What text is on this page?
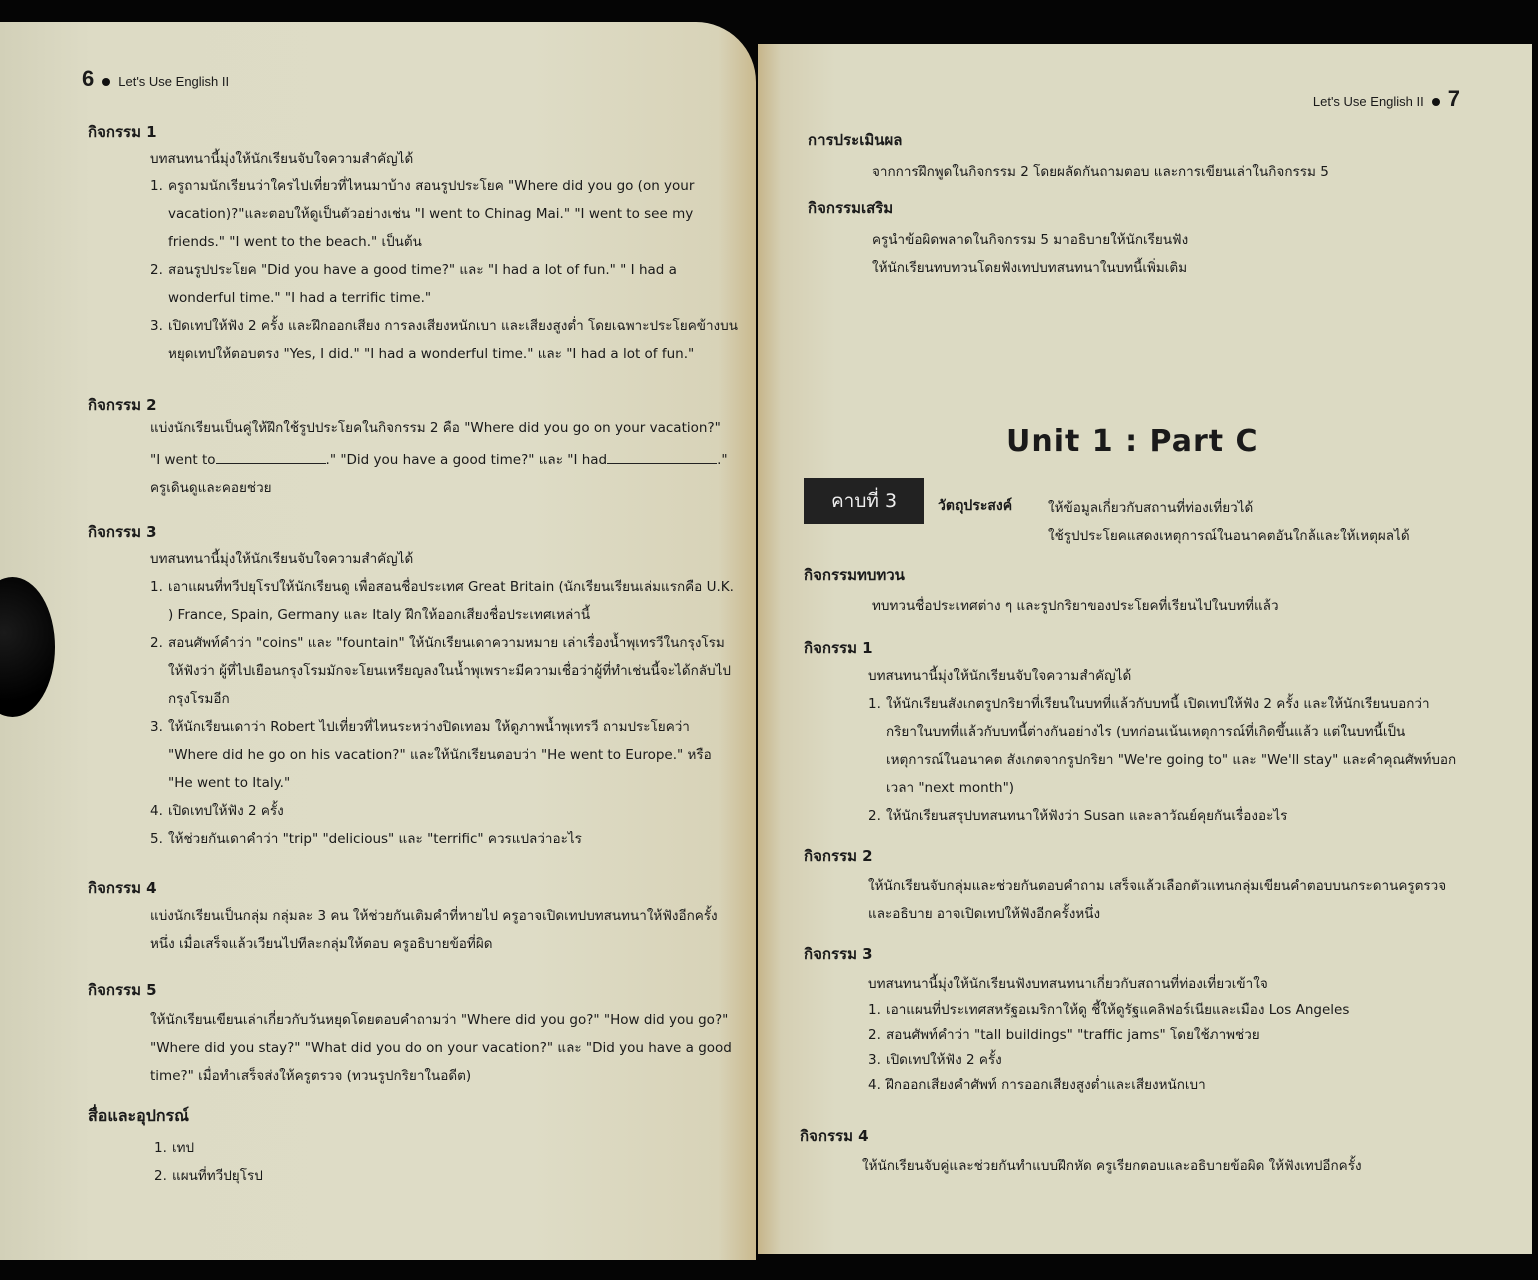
6 Let's Use English II
กิจกรรม 1
บทสนทนานี้มุ่งให้นักเรียนจับใจความสำคัญได้
1. ครูถามนักเรียนว่าใครไปเที่ยวที่ไหนมาบ้าง สอนรูปประโยค "Where did you go (on your vacation)?"และตอบให้ดูเป็นตัวอย่างเช่น "I went to Chinag Mai." "I went to see my friends." "I went to the beach." เป็นต้น
2. สอนรูปประโยค "Did you have a good time?" และ "I had a lot of fun." " I had a wonderful time." "I had a terrific time."
3. เปิดเทปให้ฟัง 2 ครั้ง และฝึกออกเสียง การลงเสียงหนักเบา และเสียงสูงต่ำ โดยเฉพาะประโยคข้างบน หยุดเทปให้ตอบตรง "Yes, I did." "I had a wonderful time." และ "I had a lot of fun."
กิจกรรม 2
แบ่งนักเรียนเป็นคู่ให้ฝึกใช้รูปประโยคในกิจกรรม 2 คือ "Where did you go on your vacation?"
"I went to	." "Did you have a good time?" และ "I had	."
ครูเดินดูและคอยช่วย
กิจกรรม 3
บทสนทนานี้มุ่งให้นักเรียนจับใจความสำคัญได้
1. เอาแผนที่ทวีปยุโรปให้นักเรียนดู เพื่อสอนชื่อประเทศ Great Britain (นักเรียนเรียนเล่มแรกคือ U.K. ) France, Spain, Germany และ Italy ฝึกให้ออกเสียงชื่อประเทศเหล่านี้
2. สอนศัพท์คำว่า "coins" และ "fountain" ให้นักเรียนเดาความหมาย เล่าเรื่องน้ำพุเทรวีในกรุงโรม ให้ฟังว่า ผู้ที่ไปเยือนกรุงโรมมักจะโยนเหรียญลงในน้ำพุเพราะมีความเชื่อว่าผู้ที่ทำเช่นนี้จะได้กลับไปกรุงโรมอีก
3. ให้นักเรียนเดาว่า Robert ไปเที่ยวที่ไหนระหว่างปิดเทอม ให้ดูภาพน้ำพุเทรวี ถามประโยคว่า "Where did he go on his vacation?" และให้นักเรียนตอบว่า "He went to Europe." หรือ "He went to Italy."
4. เปิดเทปให้ฟัง 2 ครั้ง
5. ให้ช่วยกันเดาคำว่า "trip" "delicious" และ "terrific" ควรแปลว่าอะไร
กิจกรรม 4
แบ่งนักเรียนเป็นกลุ่ม กลุ่มละ 3 คน ให้ช่วยกันเติมคำที่หายไป ครูอาจเปิดเทปบทสนทนาให้ฟังอีกครั้งหนึ่ง เมื่อเสร็จแล้วเวียนไปทีละกลุ่มให้ตอบ ครูอธิบายข้อที่ผิด
กิจกรรม 5
ให้นักเรียนเขียนเล่าเกี่ยวกับวันหยุดโดยตอบคำถามว่า "Where did you go?" "How did you go?" "Where did you stay?" "What did you do on your vacation?" และ "Did you have a good time?" เมื่อทำเสร็จส่งให้ครูตรวจ (ทวนรูปกริยาในอดีต)
สื่อและอุปกรณ์
1. เทป
2. แผนที่ทวีปยุโรป
Let's Use English II 7
การประเมินผล
จากการฝึกพูดในกิจกรรม 2 โดยผลัดกันถามตอบ และการเขียนเล่าในกิจกรรม 5
กิจกรรมเสริม
ครูนำข้อผิดพลาดในกิจกรรม 5 มาอธิบายให้นักเรียนฟัง
ให้นักเรียนทบทวนโดยฟังเทปบทสนทนาในบทนี้เพิ่มเติม
Unit 1 : Part C
คาบที่ 3	วัตถุประสงค์	ให้ข้อมูลเกี่ยวกับสถานที่ท่องเที่ยวได้
ใช้รูปประโยคแสดงเหตุการณ์ในอนาคตอันใกล้และให้เหตุผลได้
กิจกรรมทบทวน
ทบทวนชื่อประเทศต่าง ๆ และรูปกริยาของประโยคที่เรียนไปในบทที่แล้ว
กิจกรรม 1
บทสนทนานี้มุ่งให้นักเรียนจับใจความสำคัญได้
1. ให้นักเรียนสังเกตรูปกริยาที่เรียนในบทที่แล้วกับบทนี้ เปิดเทปให้ฟัง 2 ครั้ง และให้นักเรียนบอกว่ากริยาในบทที่แล้วกับบทนี้ต่างกันอย่างไร (บทก่อนเน้นเหตุการณ์ที่เกิดขึ้นแล้ว แต่ในบทนี้เป็นเหตุการณ์ในอนาคต สังเกตจากรูปกริยา "We're going to" และ "We'll stay" และคำคุณศัพท์บอกเวลา "next month")
2. ให้นักเรียนสรุปบทสนทนาให้ฟังว่า Susan และลาวัณย์คุยกันเรื่องอะไร
กิจกรรม 2
ให้นักเรียนจับกลุ่มและช่วยกันตอบคำถาม เสร็จแล้วเลือกตัวแทนกลุ่มเขียนคำตอบบนกระดานครูตรวจและอธิบาย อาจเปิดเทปให้ฟังอีกครั้งหนึ่ง
กิจกรรม 3
บทสนทนานี้มุ่งให้นักเรียนฟังบทสนทนาเกี่ยวกับสถานที่ท่องเที่ยวเข้าใจ
1. เอาแผนที่ประเทศสหรัฐอเมริกาให้ดู ชี้ให้ดูรัฐแคลิฟอร์เนียและเมือง Los Angeles
2. สอนศัพท์คำว่า "tall buildings" "traffic jams" โดยใช้ภาพช่วย
3. เปิดเทปให้ฟัง 2 ครั้ง
4. ฝึกออกเสียงคำศัพท์ การออกเสียงสูงต่ำและเสียงหนักเบา
กิจกรรม 4
ให้นักเรียนจับคู่และช่วยกันทำแบบฝึกหัด ครูเรียกตอบและอธิบายข้อผิด ให้ฟังเทปอีกครั้ง
